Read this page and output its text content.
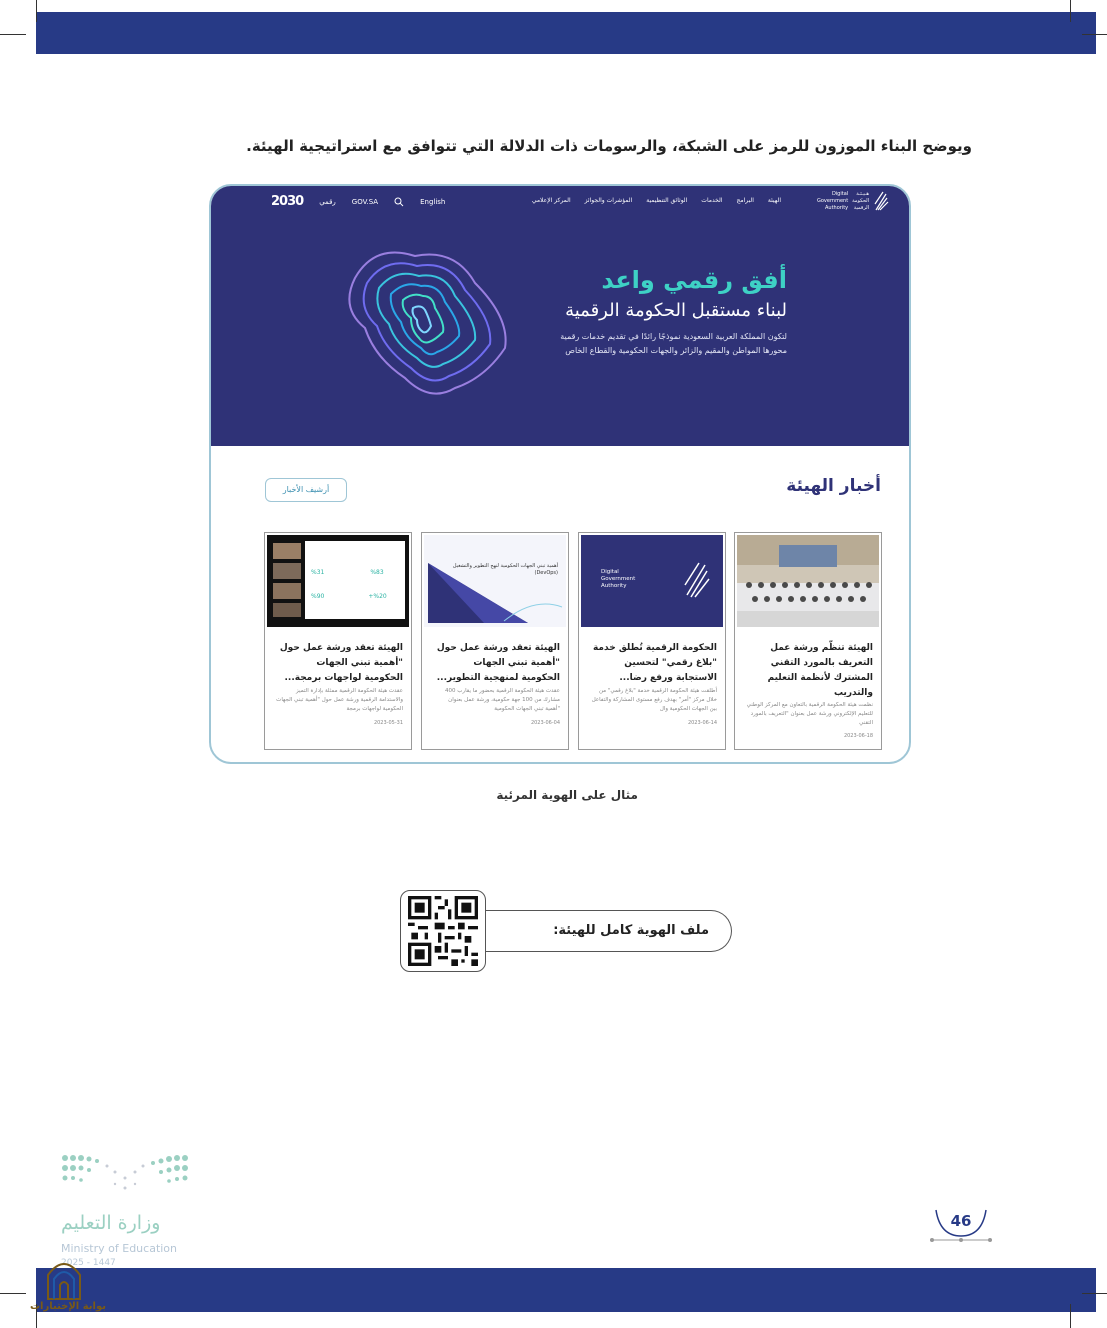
ويوضح البناء الموزون للرمز على الشبكة، والرسومات ذات الدلالة التي تتوافق مع استراتيجية الهيئة.

هـيـئـة
الحكومة
الرقمية
Digital
Government
Authority
الهيئة
البرامج
الخدمات
الوثائق التنظيمية
المؤشرات والجوائز
المركز الإعلامي
2030 رقمي GOV.SA	English
أفق رقمي واعد
لبناء مستقبل الحكومة الرقمية
لتكون المملكة العربية السعودية نموذجًا رائدًا في تقديم خدمات رقمية محورها المواطن والمقيم والزائر والجهات الحكومية والقطاع الخاص
أخبار الهيئة
أرشيف الأخبار
الهيئة تنظّم ورشة عمل التعريف بالمورد التقني المشترك لأنظمة التعليم والتدريب
نظمت هيئة الحكومة الرقمية بالتعاون مع المركز الوطني للتعليم الإلكتروني ورشة عمل بعنوان "التعريف بالمورد التقني
2023-06-18
Digital
Government
Authority
الحكومة الرقمية تُطلق خدمة "بلاغ رقمي" لتحسين الاستجابة ورفع رضا...
أطلقت هيئة الحكومة الرقمية خدمة "بلاغ رقمي" من خلال مركز "أمر" بهدف رفع مستوى المشاركة والتفاعل بين الجهات الحكومية وال
2023-06-14
أهمية تبني الجهات الحكومية لنهج التطوير والتشغيل (DevOps)
الهيئة تعقد ورشة عمل حول "أهمية تبني الجهات الحكومية لمنهجية التطوير...
عقدت هيئة الحكومة الرقمية بحضور ما يقارب 400 مشارك من 100 جهة حكومية، ورشة عمل بعنوان "أهمية تبني الجهات الحكومية
2023-06-04
%31	%83
%90	+%20
الهيئة تعقد ورشة عمل حول "أهمية تبني الجهات الحكومية لواجهات برمجة...
عقدت هيئة الحكومة الرقمية ممثلة بإدارة التميز والاستدامة الرقمية ورشة عمل حول "أهمية تبني الجهات الحكومية لواجهات برمجة
2023-05-31
مثال على الهوية المرئية
ملف الهوية كامل للهيئة:
وزارة التعليم
Ministry of Education
2025 - 1447
46
بوابة الإختبارات
